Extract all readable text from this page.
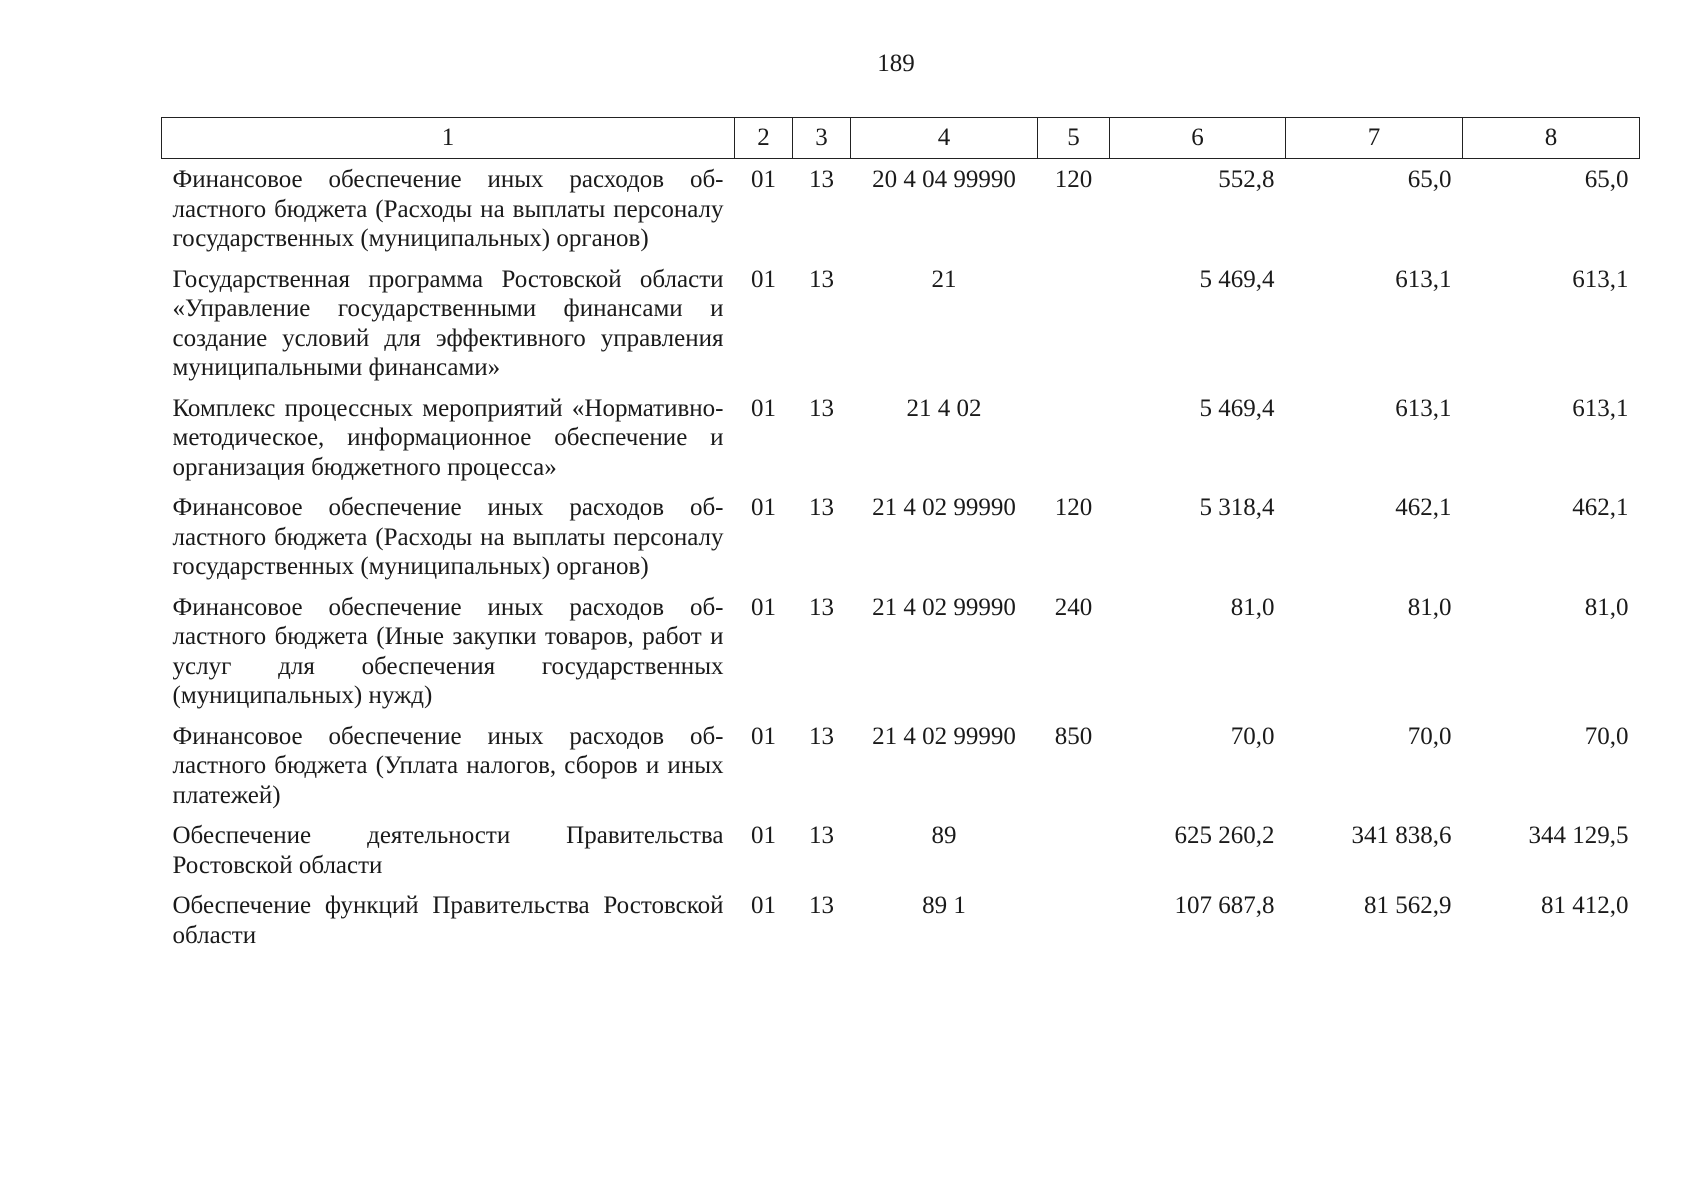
189
1	2	3	4	5	6	7	8
Финансовое обеспечение иных расходов областного бюджета (Расходы на выплаты персоналу государственных (муниципальных) органов)	01	13	20 4 04 99990	120	552,8	65,0	65,0
Государственная программа Ростовской области «Управление государственными финансами и создание условий для эффективного управления муниципальными финансами»	01	13	21		5 469,4	613,1	613,1
Комплекс процессных мероприятий «Нормативно-методическое, информационное обеспечение и организация бюджетного процесса»	01	13	21 4 02		5 469,4	613,1	613,1
Финансовое обеспечение иных расходов областного бюджета (Расходы на выплаты персоналу государственных (муниципальных) органов)	01	13	21 4 02 99990	120	5 318,4	462,1	462,1
Финансовое обеспечение иных расходов областного бюджета (Иные закупки товаров, работ и услуг для обеспечения государственных (муниципальных) нужд)	01	13	21 4 02 99990	240	81,0	81,0	81,0
Финансовое обеспечение иных расходов областного бюджета (Уплата налогов, сборов и иных платежей)	01	13	21 4 02 99990	850	70,0	70,0	70,0
Обеспечение деятельности Правительства Ростовской области	01	13	89		625 260,2	341 838,6	344 129,5
Обеспечение функций Правительства Ростовской области	01	13	89 1		107 687,8	81 562,9	81 412,0
